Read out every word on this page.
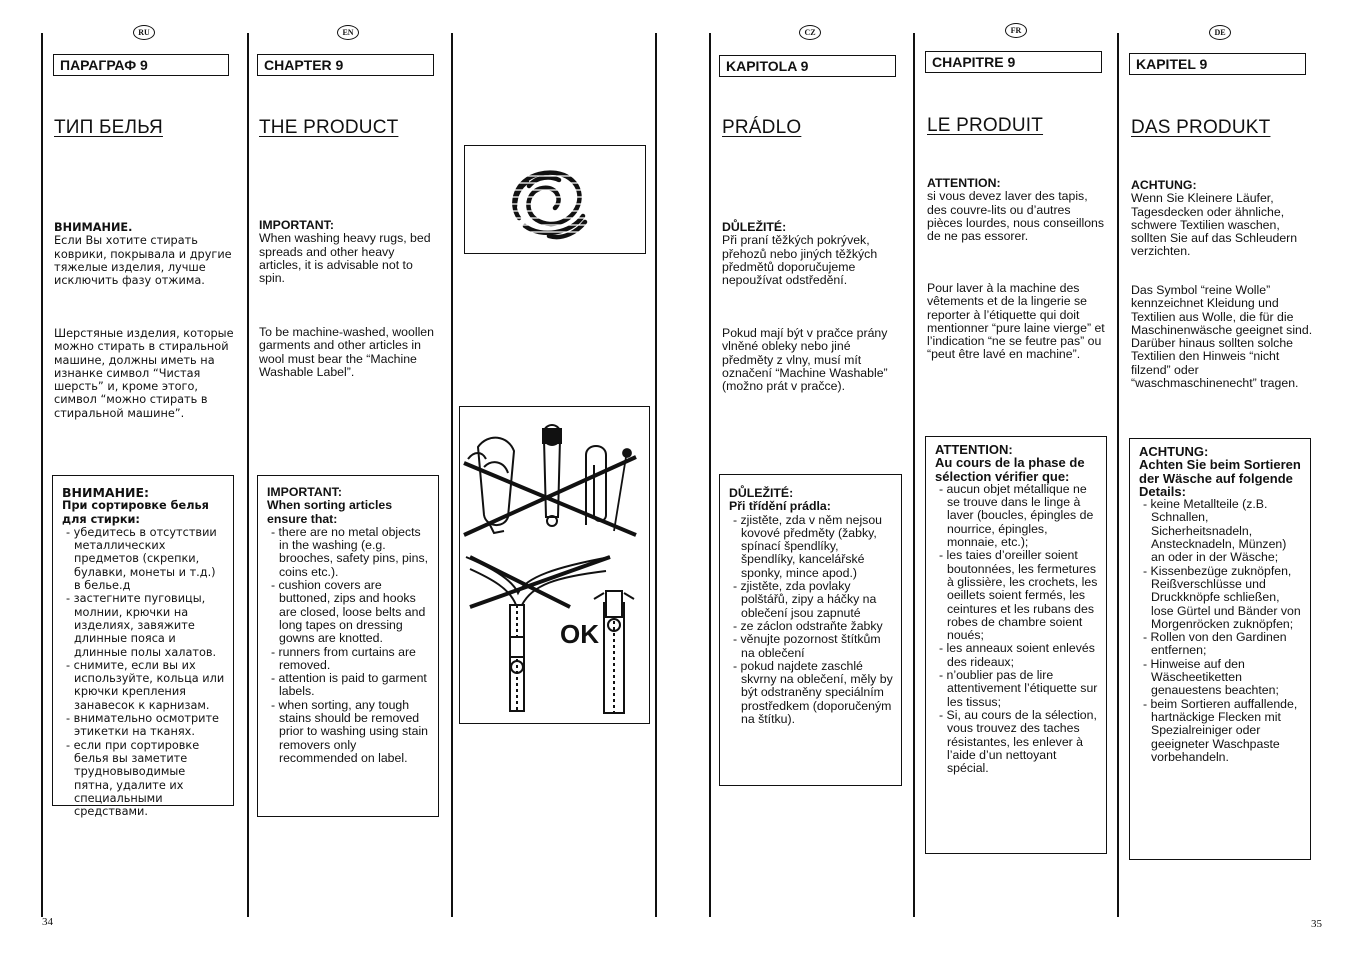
RU	EN	CZ	FR	DE
ПАРАГРАФ 9
ТИП БЕЛЬЯ
ВНИМАНИЕ.
Если Вы хотите стирать коврики, покрывала и другие тяжелые изделия, лучше исключить фазу отжима.
Шерстяные изделия, которые можно стирать в стиральной машине, должны иметь на изнанке символ “Чистая шерсть” и, кроме этого, символ “можно стирать в стиральной машине”.
ВНИМАНИЕ:
При сортировке белья для стирки:
- убедитесь в отсутствии металлических предметов (скрепки, булавки, монеты и т.д.) в белье.д
- застегните пуговицы, молнии, крючки на изделиях, завяжите длинные пояса и длинные полы халатов.
- снимите, если вы их используйте, кольца или крючки крепления занавесок к карнизам.
- внимательно осмотрите этикетки на тканях.
- если при сортировке белья вы заметите трудновыводимые пятна, удалите их специальными средствами.
CHAPTER 9
THE PRODUCT
IMPORTANT:
When washing heavy rugs, bed spreads and other heavy articles, it is advisable not to spin.
To be machine-washed, woollen garments and other articles in wool must bear the “Machine Washable Label”.
IMPORTANT:
When sorting articles ensure that:
- there are no metal objects in the washing (e.g. brooches, safety pins, pins, coins etc.).
- cushion covers are buttoned, zips and hooks are closed, loose belts and long tapes on dressing gowns are knotted.
- runners from curtains are removed.
- attention is paid to garment labels.
- when sorting, any tough stains should be removed prior to washing using stain removers only recommended on label.
OK
KAPITOLA 9
PRÁDLO
DŮLEŽITÉ:
Při praní těžkých pokrývek, přehozů nebo jiných těžkých předmětů doporučujeme nepoužívat odstředění.
Pokud mají být v pračce prány vlněné obleky nebo jiné předměty z vlny, musí mít označení “Machine Washable” (možno prát v pračce).
DŮLEŽITÉ:
Při třídění prádla:
- zjistěte, zda v něm nejsou kovové předměty (žabky, spínací špendlíky, špendlíky, kancelářské sponky, mince apod.)
- zjistěte, zda povlaky polštářů, zipy a háčky na oblečení jsou zapnuté
- ze záclon odstraňte žabky
- věnujte pozornost štítkům na oblečení
- pokud najdete zaschlé skvrny na oblečení, měly by být odstraněny speciálním prostředkem (doporučeným na štítku).
CHAPITRE 9
LE PRODUIT
ATTENTION:
si vous devez laver des tapis, des couvre-lits ou d’autres pièces lourdes, nous conseillons de ne pas essorer.
Pour laver à la machine des vêtements et de la lingerie se reporter à l’étiquette qui doit mentionner “pure laine vierge” et l’indication “ne se feutre pas” ou “peut être lavé en machine”.
ATTENTION:
Au cours de la phase de sélection vérifier que:
- aucun objet métallique ne se trouve dans le linge à laver (boucles, épingles de nourrice, épingles, monnaie, etc.);
- les taies d’oreiller soient boutonnées, les fermetures à glissière, les crochets, les oeillets soient fermés, les ceintures et les rubans des robes de chambre soient noués;
- les anneaux soient enlevés des rideaux;
- n’oublier pas de lire attentivement l’étiquette sur les tissus;
- Si, au cours de la sélection, vous trouvez des taches résistantes, les enlever à l’aide d’un nettoyant spécial.
KAPITEL 9
DAS PRODUKT
ACHTUNG:
Wenn Sie Kleinere Läufer, Tagesdecken oder ähnliche, schwere Textilien waschen, sollten Sie auf das Schleudern verzichten.
Das Symbol “reine Wolle” kennzeichnet Kleidung und Textilien aus Wolle, die für die Maschinenwäsche geeignet sind. Darüber hinaus sollten solche Textilien den Hinweis “nicht filzend” oder “waschmaschinenecht” tragen.
ACHTUNG:
Achten Sie beim Sortieren der Wäsche auf folgende Details:
- keine Metallteile (z.B. Schnallen, Sicherheitsnadeln, Anstecknadeln, Münzen) an oder in der Wäsche;
- Kissenbezüge zuknöpfen, Reißverschlüsse und Druckknöpfe schließen, lose Gürtel und Bänder von Morgenröcken zuknöpfen;
- Rollen von den Gardinen entfernen;
- Hinweise auf den Wäscheetiketten genauestens beachten;
- beim Sortieren auffallende, hartnäckige Flecken mit Spezialreiniger oder geeigneter Waschpaste vorbehandeln.
34	35
